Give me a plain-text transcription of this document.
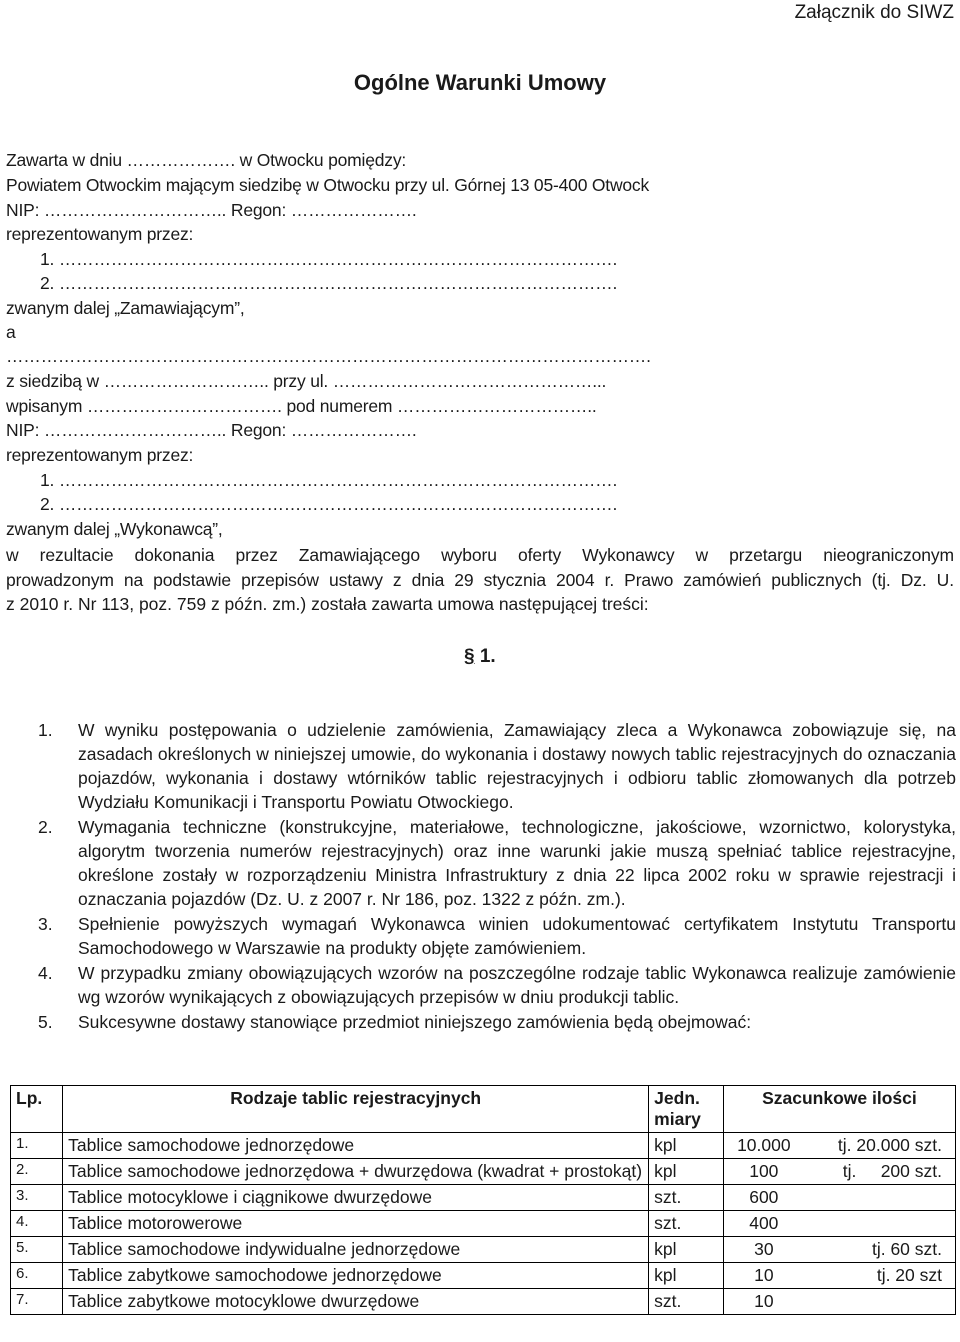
Załącznik do SIWZ
Ogólne Warunki Umowy
Zawarta w dniu ………………. w Otwocku pomiędzy:
Powiatem Otwockim mającym siedzibę w Otwocku przy ul. Górnej 13 05-400 Otwock
NIP: ………………………….. Regon: ………………….
reprezentowanym przez:
1. …………………………………………………………………………………….
2. …………………………………………………………………………………….
zwanym dalej „Zamawiającym”,
a
………………………………………………………………………………………………….
z siedzibą w ……………………….. przy ul. ………………………………………...
wpisanym ……………………………. pod numerem ……………………………..
NIP: ………………………….. Regon: ………………….
reprezentowanym przez:
1. …………………………………………………………………………………….
2. …………………………………………………………………………………….
zwanym dalej „Wykonawcą”,
w rezultacie dokonania przez Zamawiającego wyboru oferty Wykonawcy w przetargu nieograniczonym
prowadzonym na podstawie przepisów ustawy z dnia 29 stycznia 2004 r. Prawo zamówień publicznych (tj. Dz. U.
z 2010 r. Nr 113, poz. 759 z późn. zm.) została zawarta umowa następującej treści:
§ 1.
1. W wyniku postępowania o udzielenie zamówienia, Zamawiający zleca a Wykonawca zobowiązuje się, na zasadach określonych w niniejszej umowie, do wykonania i dostawy nowych tablic rejestracyjnych do oznaczania pojazdów, wykonania i dostawy wtórników tablic rejestracyjnych i odbioru tablic złomowanych dla potrzeb Wydziału Komunikacji i Transportu Powiatu Otwockiego.
2. Wymagania techniczne (konstrukcyjne, materiałowe, technologiczne, jakościowe, wzornictwo, kolorystyka, algorytm tworzenia numerów rejestracyjnych) oraz inne warunki jakie muszą spełniać tablice rejestracyjne, określone zostały w rozporządzeniu Ministra Infrastruktury z dnia 22 lipca 2002 roku w sprawie rejestracji i oznaczania pojazdów (Dz. U. z 2007 r. Nr 186, poz. 1322 z późn. zm.).
3. Spełnienie powyższych wymagań Wykonawca winien udokumentować certyfikatem Instytutu Transportu Samochodowego w Warszawie na produkty objęte zamówieniem.
4. W przypadku zmiany obowiązujących wzorów na poszczególne rodzaje tablic Wykonawca realizuje zamówienie wg wzorów wynikających z obowiązujących przepisów w dniu produkcji tablic.
5. Sukcesywne dostawy stanowiące przedmiot niniejszego zamówienia będą obejmować:
Lp.	Rodzaje tablic rejestracyjnych	Jedn. miary	Szacunkowe ilości
1.	Tablice samochodowe jednorzędowe	kpl	10.000 tj. 20.000 szt.

2.	Tablice samochodowe jednorzędowa + dwurzędowa (kwadrat + prostokąt)	kpl	100 tj.     200 szt.

3.	Tablice motocyklowe i ciągnikowe dwurzędowe	szt.	600

4.	Tablice motorowerowe	szt.	400

5.	Tablice samochodowe indywidualne jednorzędowe	kpl	30 tj. 60 szt.

6.	Tablice zabytkowe samochodowe jednorzędowe	kpl	10 tj. 20 szt

7.	Tablice zabytkowe motocyklowe dwurzędowe	szt.	10
